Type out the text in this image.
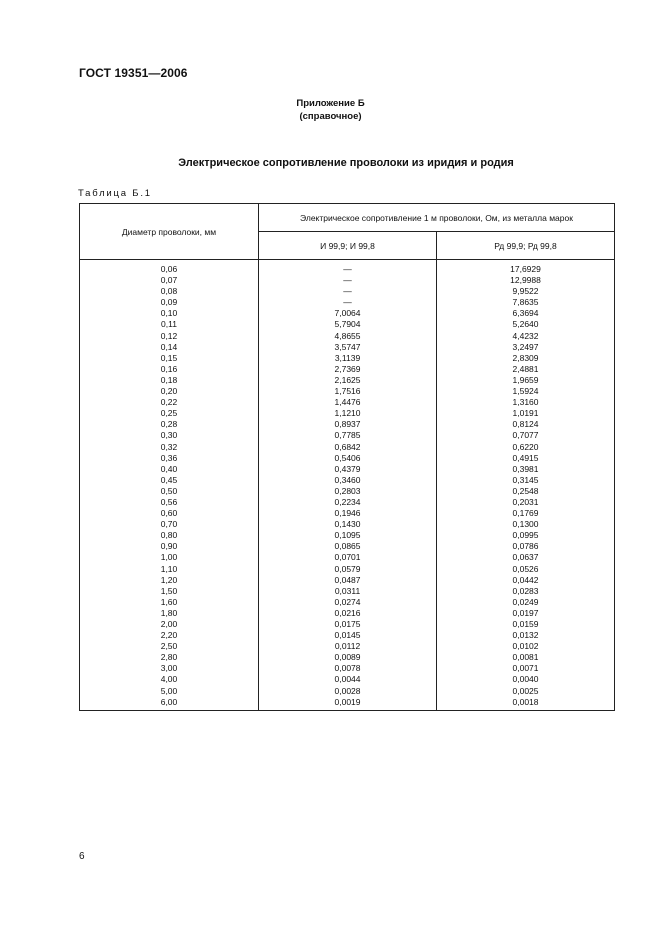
ГОСТ 19351—2006
Приложение Б
(справочное)
Электрическое сопротивление проволоки из иридия и родия
Таблица Б.1
Диаметр проволоки, мм	Электрическое сопротивление 1 м проволоки, Ом, из металла марок	
	И 99,9; И 99,8	Рд 99,9; Рд 99,8
0,06	—	17,6929
0,07	—	12,9988
0,08	—	9,9522
0,09	—	7,8635
0,10	7,0064	6,3694
0,11	5,7904	5,2640
0,12	4,8655	4,4232
0,14	3,5747	3,2497
0,15	3,1139	2,8309
0,16	2,7369	2,4881
0,18	2,1625	1,9659
0,20	1,7516	1,5924
0,22	1,4476	1,3160
0,25	1,1210	1,0191
0,28	0,8937	0,8124
0,30	0,7785	0,7077
0,32	0,6842	0,6220
0,36	0,5406	0,4915
0,40	0,4379	0,3981
0,45	0,3460	0,3145
0,50	0,2803	0,2548
0,56	0,2234	0,2031
0,60	0,1946	0,1769
0,70	0,1430	0,1300
0,80	0,1095	0,0995
0,90	0,0865	0,0786
1,00	0,0701	0,0637
1,10	0,0579	0,0526
1,20	0,0487	0,0442
1,50	0,0311	0,0283
1,60	0,0274	0,0249
1,80	0,0216	0,0197
2,00	0,0175	0,0159
2,20	0,0145	0,0132
2,50	0,0112	0,0102
2,80	0,0089	0,0081
3,00	0,0078	0,0071
4,00	0,0044	0,0040
5,00	0,0028	0,0025
6,00	0,0019	0,0018
6
